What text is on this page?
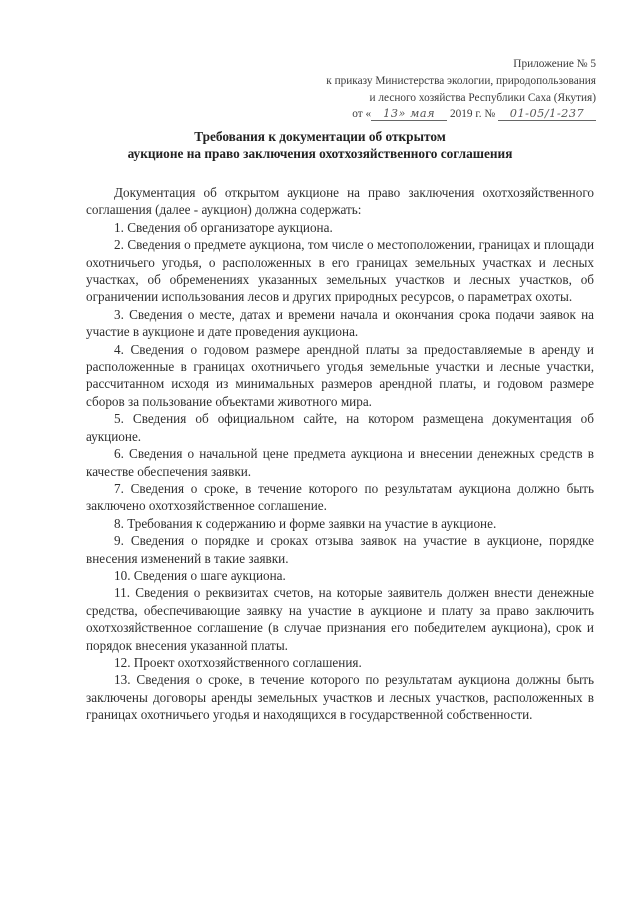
Приложение № 5
к приказу Министерства экологии, природопользования
и лесного хозяйства Республики Саха (Якутия)
от « 13» мая 2019 г. № 01-05/1-237
Требования к документации об открытом
аукционе на право заключения охотхозяйственного соглашения

Документация об открытом аукционе на право заключения охотхозяйственного соглашения (далее - аукцион) должна содержать:

1. Сведения об организаторе аукциона.

2. Сведения о предмете аукциона, том числе о местоположении, границах и площади охотничьего угодья, о расположенных в его границах земельных участках и лесных участках, об обременениях указанных земельных участков и лесных участков, об ограничении использования лесов и других природных ресурсов, о параметрах охоты.

3. Сведения о месте, датах и времени начала и окончания срока подачи заявок на участие в аукционе и дате проведения аукциона.

4. Сведения о годовом размере арендной платы за предоставляемые в аренду и расположенные в границах охотничьего угодья земельные участки и лесные участки, рассчитанном исходя из минимальных размеров арендной платы, и годовом размере сборов за пользование объектами животного мира.

5. Сведения об официальном сайте, на котором размещена документация об аукционе.

6. Сведения о начальной цене предмета аукциона и внесении денежных средств в качестве обеспечения заявки.

7. Сведения о сроке, в течение которого по результатам аукциона должно быть заключено охотхозяйственное соглашение.

8. Требования к содержанию и форме заявки на участие в аукционе.

9. Сведения о порядке и сроках отзыва заявок на участие в аукционе, порядке внесения изменений в такие заявки.

10. Сведения о шаге аукциона.

11. Сведения о реквизитах счетов, на которые заявитель должен внести денежные средства, обеспечивающие заявку на участие в аукционе и плату за право заключить охотхозяйственное соглашение (в случае признания его победителем аукциона), срок и порядок внесения указанной платы.

12. Проект охотхозяйственного соглашения.

13. Сведения о сроке, в течение которого по результатам аукциона должны быть заключены договоры аренды земельных участков и лесных участков, расположенных в границах охотничьего угодья и находящихся в государственной собственности.
